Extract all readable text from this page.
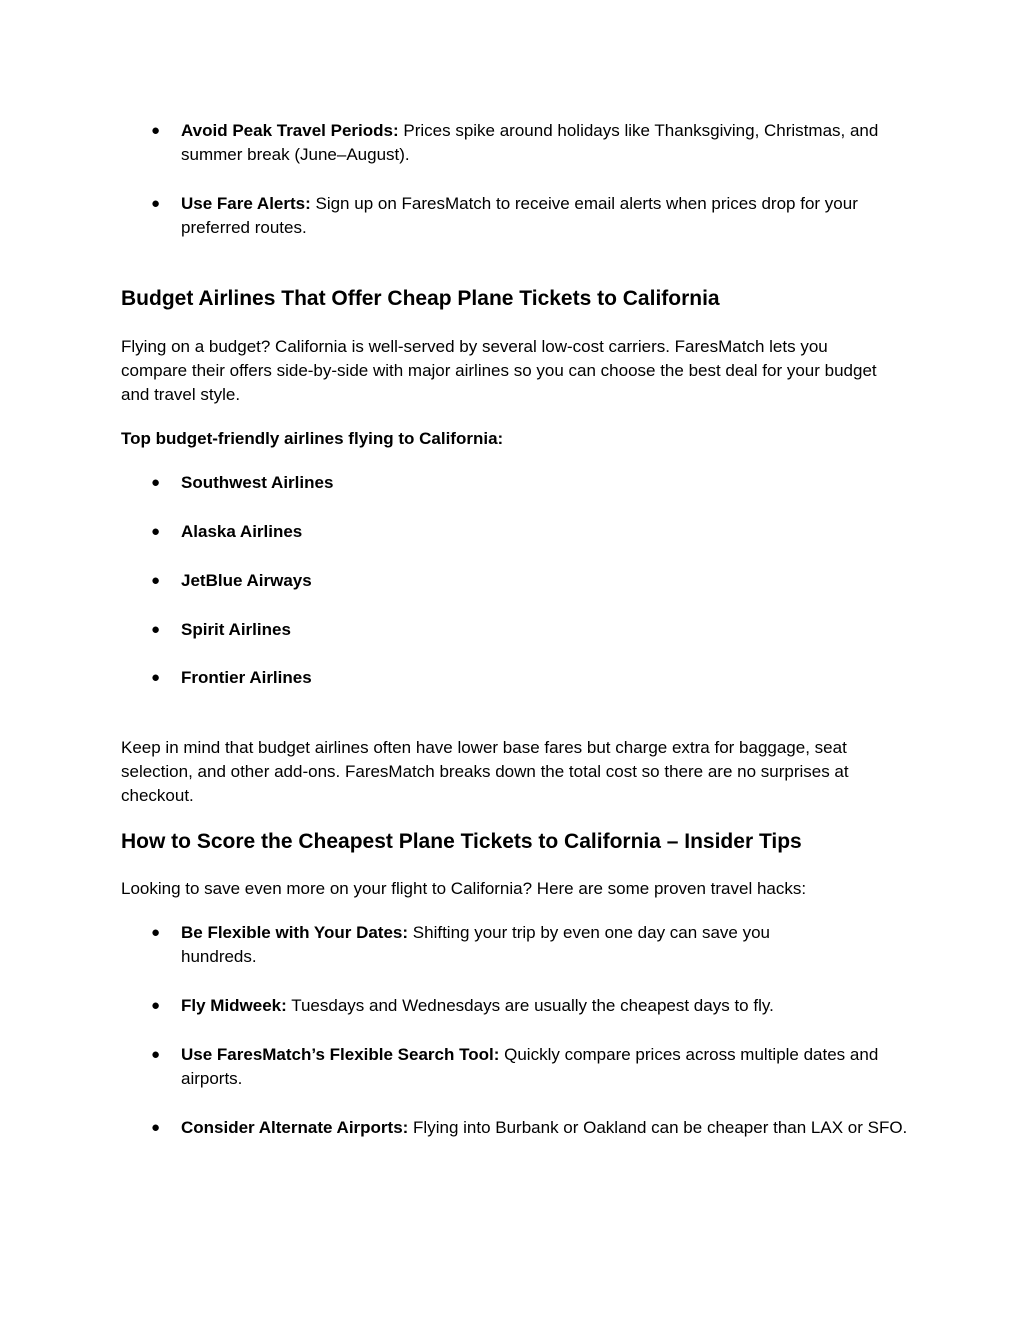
● Avoid Peak Travel Periods: Prices spike around holidays like Thanksgiving, Christmas, and summer break (June–August).
● Use Fare Alerts: Sign up on FaresMatch to receive email alerts when prices drop for your preferred routes.
Budget Airlines That Offer Cheap Plane Tickets to California

Flying on a budget? California is well-served by several low-cost carriers. FaresMatch lets you compare their offers side-by-side with major airlines so you can choose the best deal for your budget and travel style.

Top budget-friendly airlines flying to California:

● Southwest Airlines
● Alaska Airlines
● JetBlue Airways
● Spirit Airlines
● Frontier Airlines

Keep in mind that budget airlines often have lower base fares but charge extra for baggage, seat selection, and other add-ons. FaresMatch breaks down the total cost so there are no surprises at checkout.

How to Score the Cheapest Plane Tickets to California – Insider Tips

Looking to save even more on your flight to California? Here are some proven travel hacks:

● Be Flexible with Your Dates: Shifting your trip by even one day can save you hundreds.
● Fly Midweek: Tuesdays and Wednesdays are usually the cheapest days to fly.
● Use FaresMatch’s Flexible Search Tool: Quickly compare prices across multiple dates and airports.
● Consider Alternate Airports: Flying into Burbank or Oakland can be cheaper than LAX or SFO.
